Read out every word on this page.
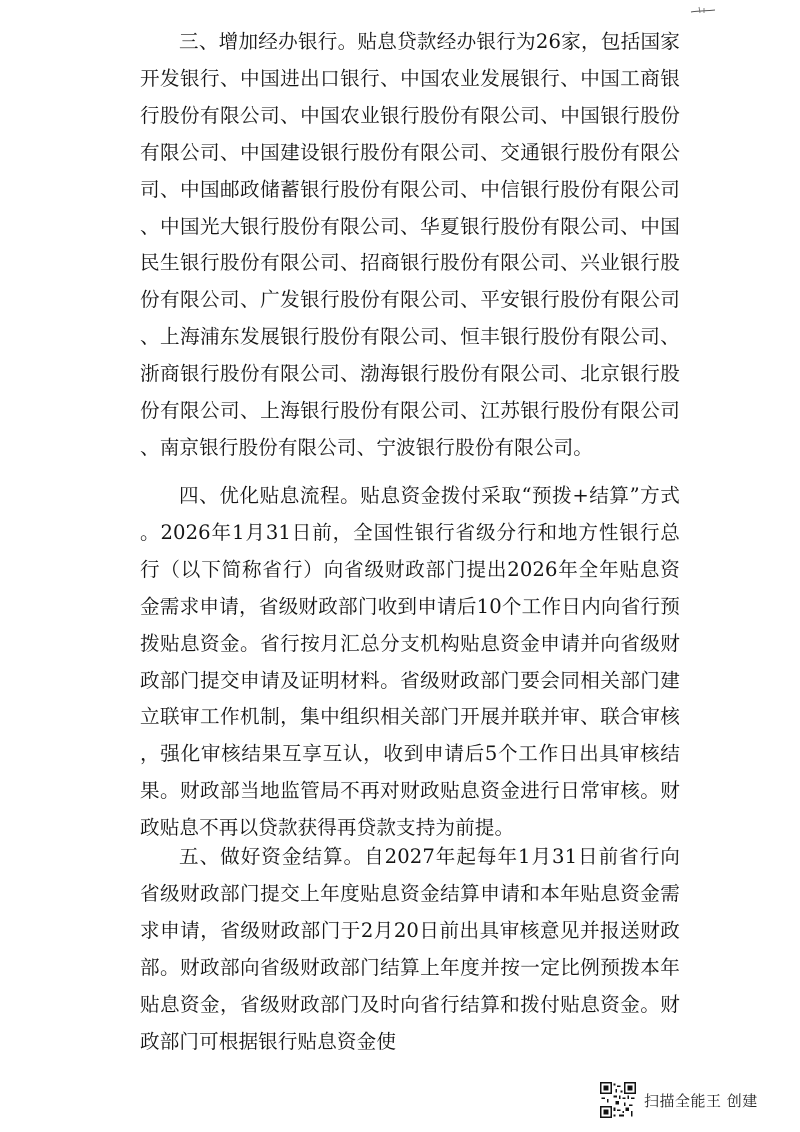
三、增加经办银行。贴息贷款经办银行为26家，包括国家开发银行、中国进出口银行、中国农业发展银行、中国工商银行股份有限公司、中国农业银行股份有限公司、中国银行股份有限公司、中国建设银行股份有限公司、交通银行股份有限公司、中国邮政储蓄银行股份有限公司、中信银行股份有限公司、中国光大银行股份有限公司、华夏银行股份有限公司、中国民生银行股份有限公司、招商银行股份有限公司、兴业银行股份有限公司、广发银行股份有限公司、平安银行股份有限公司、上海浦东发展银行股份有限公司、恒丰银行股份有限公司、浙商银行股份有限公司、渤海银行股份有限公司、北京银行股份有限公司、上海银行股份有限公司、江苏银行股份有限公司、南京银行股份有限公司、宁波银行股份有限公司。

四、优化贴息流程。贴息资金拨付采取“预拨+结算”方式。2026年1月31日前，全国性银行省级分行和地方性银行总行（以下简称省行）向省级财政部门提出2026年全年贴息资金需求申请，省级财政部门收到申请后10个工作日内向省行预拨贴息资金。省行按月汇总分支机构贴息资金申请并向省级财政部门提交申请及证明材料。省级财政部门要会同相关部门建立联审工作机制，集中组织相关部门开展并联并审、联合审核，强化审核结果互享互认，收到申请后5个工作日出具审核结果。财政部当地监管局不再对财政贴息资金进行日常审核。财政贴息不再以贷款获得再贷款支持为前提。

五、做好资金结算。自2027年起每年1月31日前省行向省级财政部门提交上年度贴息资金结算申请和本年贴息资金需求申请，省级财政部门于2月20日前出具审核意见并报送财政部。财政部向省级财政部门结算上年度并按一定比例预拨本年贴息资金，省级财政部门及时向省行结算和拨付贴息资金。财政部门可根据银行贴息资金使

扫描全能王 创建
